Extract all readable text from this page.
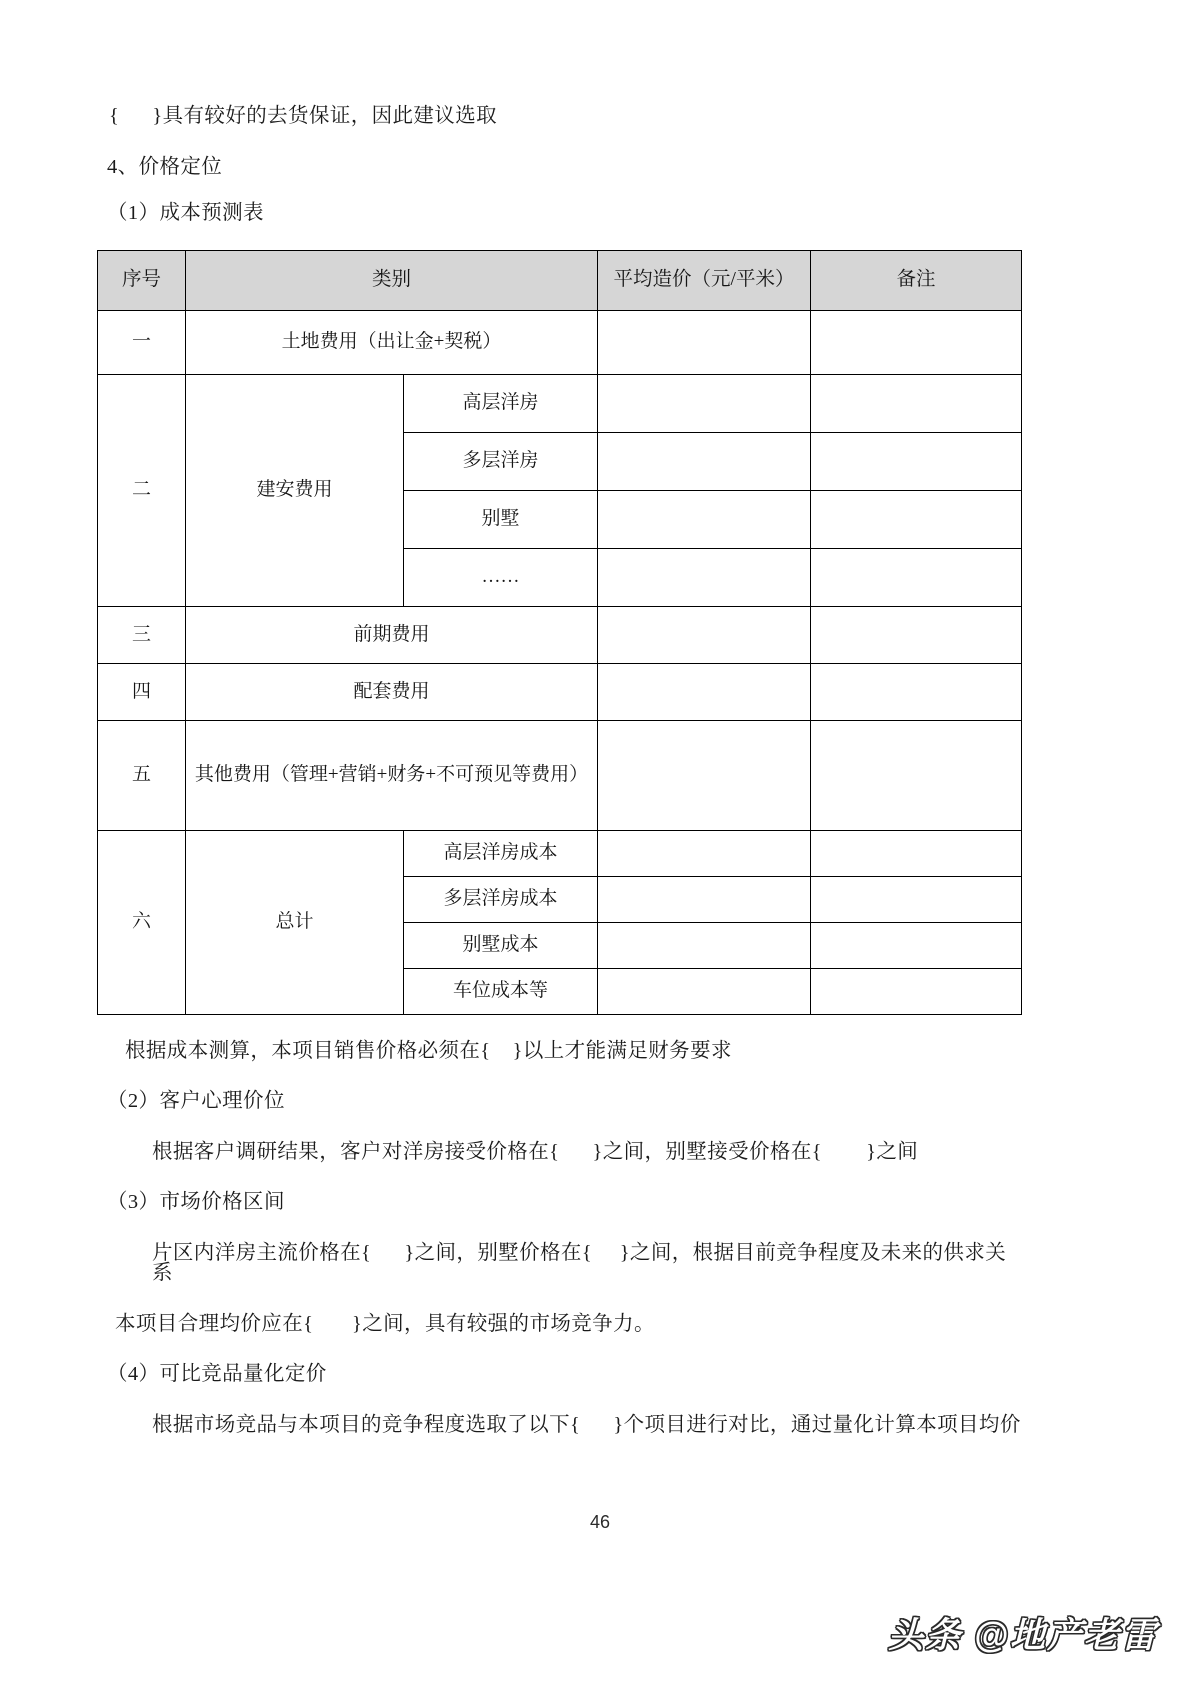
{      }具有较好的去货保证，因此建议选取

4、价格定位

（1）成本预测表

序号	类别		平均造价（元/平米）	备注
一	土地费用（出让金+契税）			
二	建安费用	高层洋房		
		多层洋房		
		别墅		
		……		
三	前期费用			
四	配套费用			
五	其他费用（管理+营销+财务+不可预见等费用）			
六	总计	高层洋房成本		
		多层洋房成本		
		别墅成本		
		车位成本等		

根据成本测算，本项目销售价格必须在{    }以上才能满足财务要求

（2）客户心理价位

根据客户调研结果，客户对洋房接受价格在{      }之间，别墅接受价格在{        }之间

（3）市场价格区间

片区内洋房主流价格在{      }之间，别墅价格在{     }之间，根据目前竞争程度及未来的供求关系

本项目合理均价应在{       }之间，具有较强的市场竞争力。

（4）可比竞品量化定价

根据市场竞品与本项目的竞争程度选取了以下{      }个项目进行对比，通过量化计算本项目均价

46
头条 @地产老雷
